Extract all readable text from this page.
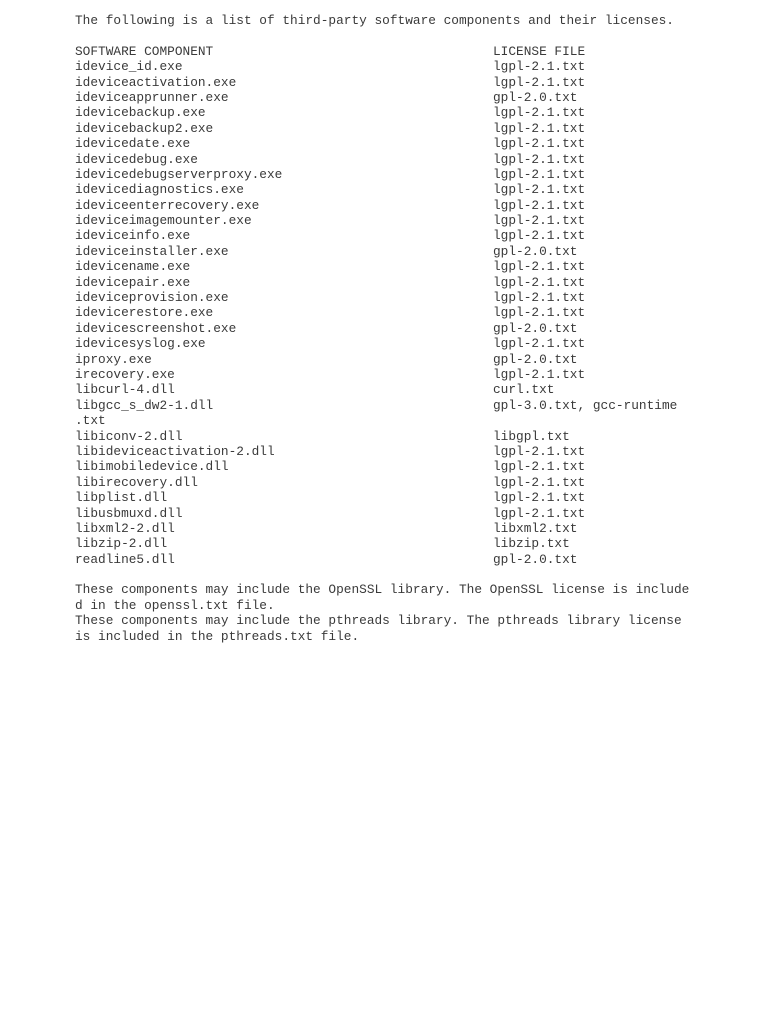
The following is a list of third-party software components and their licenses.
SOFTWARE COMPONENT	LICENSE FILE
idevice_id.exe	lgpl-2.1.txt
ideviceactivation.exe	lgpl-2.1.txt
ideviceapprunner.exe	gpl-2.0.txt
idevicebackup.exe	lgpl-2.1.txt
idevicebackup2.exe	lgpl-2.1.txt
idevicedate.exe	lgpl-2.1.txt
idevicedebug.exe	lgpl-2.1.txt
idevicedebugserverproxy.exe	lgpl-2.1.txt
idevicediagnostics.exe	lgpl-2.1.txt
ideviceenterrecovery.exe	lgpl-2.1.txt
ideviceimagemounter.exe	lgpl-2.1.txt
ideviceinfo.exe	lgpl-2.1.txt
ideviceinstaller.exe	gpl-2.0.txt
idevicename.exe	lgpl-2.1.txt
idevicepair.exe	lgpl-2.1.txt
ideviceprovision.exe	lgpl-2.1.txt
idevicerestore.exe	lgpl-2.1.txt
idevicescreenshot.exe	gpl-2.0.txt
idevicesyslog.exe	lgpl-2.1.txt
iproxy.exe	gpl-2.0.txt
irecovery.exe	lgpl-2.1.txt
libcurl-4.dll	curl.txt
libgcc_s_dw2-1.dll	gpl-3.0.txt, gcc-runtime
.txt
libiconv-2.dll	libgpl.txt
libideviceactivation-2.dll	lgpl-2.1.txt
libimobiledevice.dll	lgpl-2.1.txt
libirecovery.dll	lgpl-2.1.txt
libplist.dll	lgpl-2.1.txt
libusbmuxd.dll	lgpl-2.1.txt
libxml2-2.dll	libxml2.txt
libzip-2.dll	libzip.txt
readline5.dll	gpl-2.0.txt
These components may include the OpenSSL library. The OpenSSL license is include
d in the openssl.txt file.
These components may include the pthreads library. The pthreads library license
is included in the pthreads.txt file.
